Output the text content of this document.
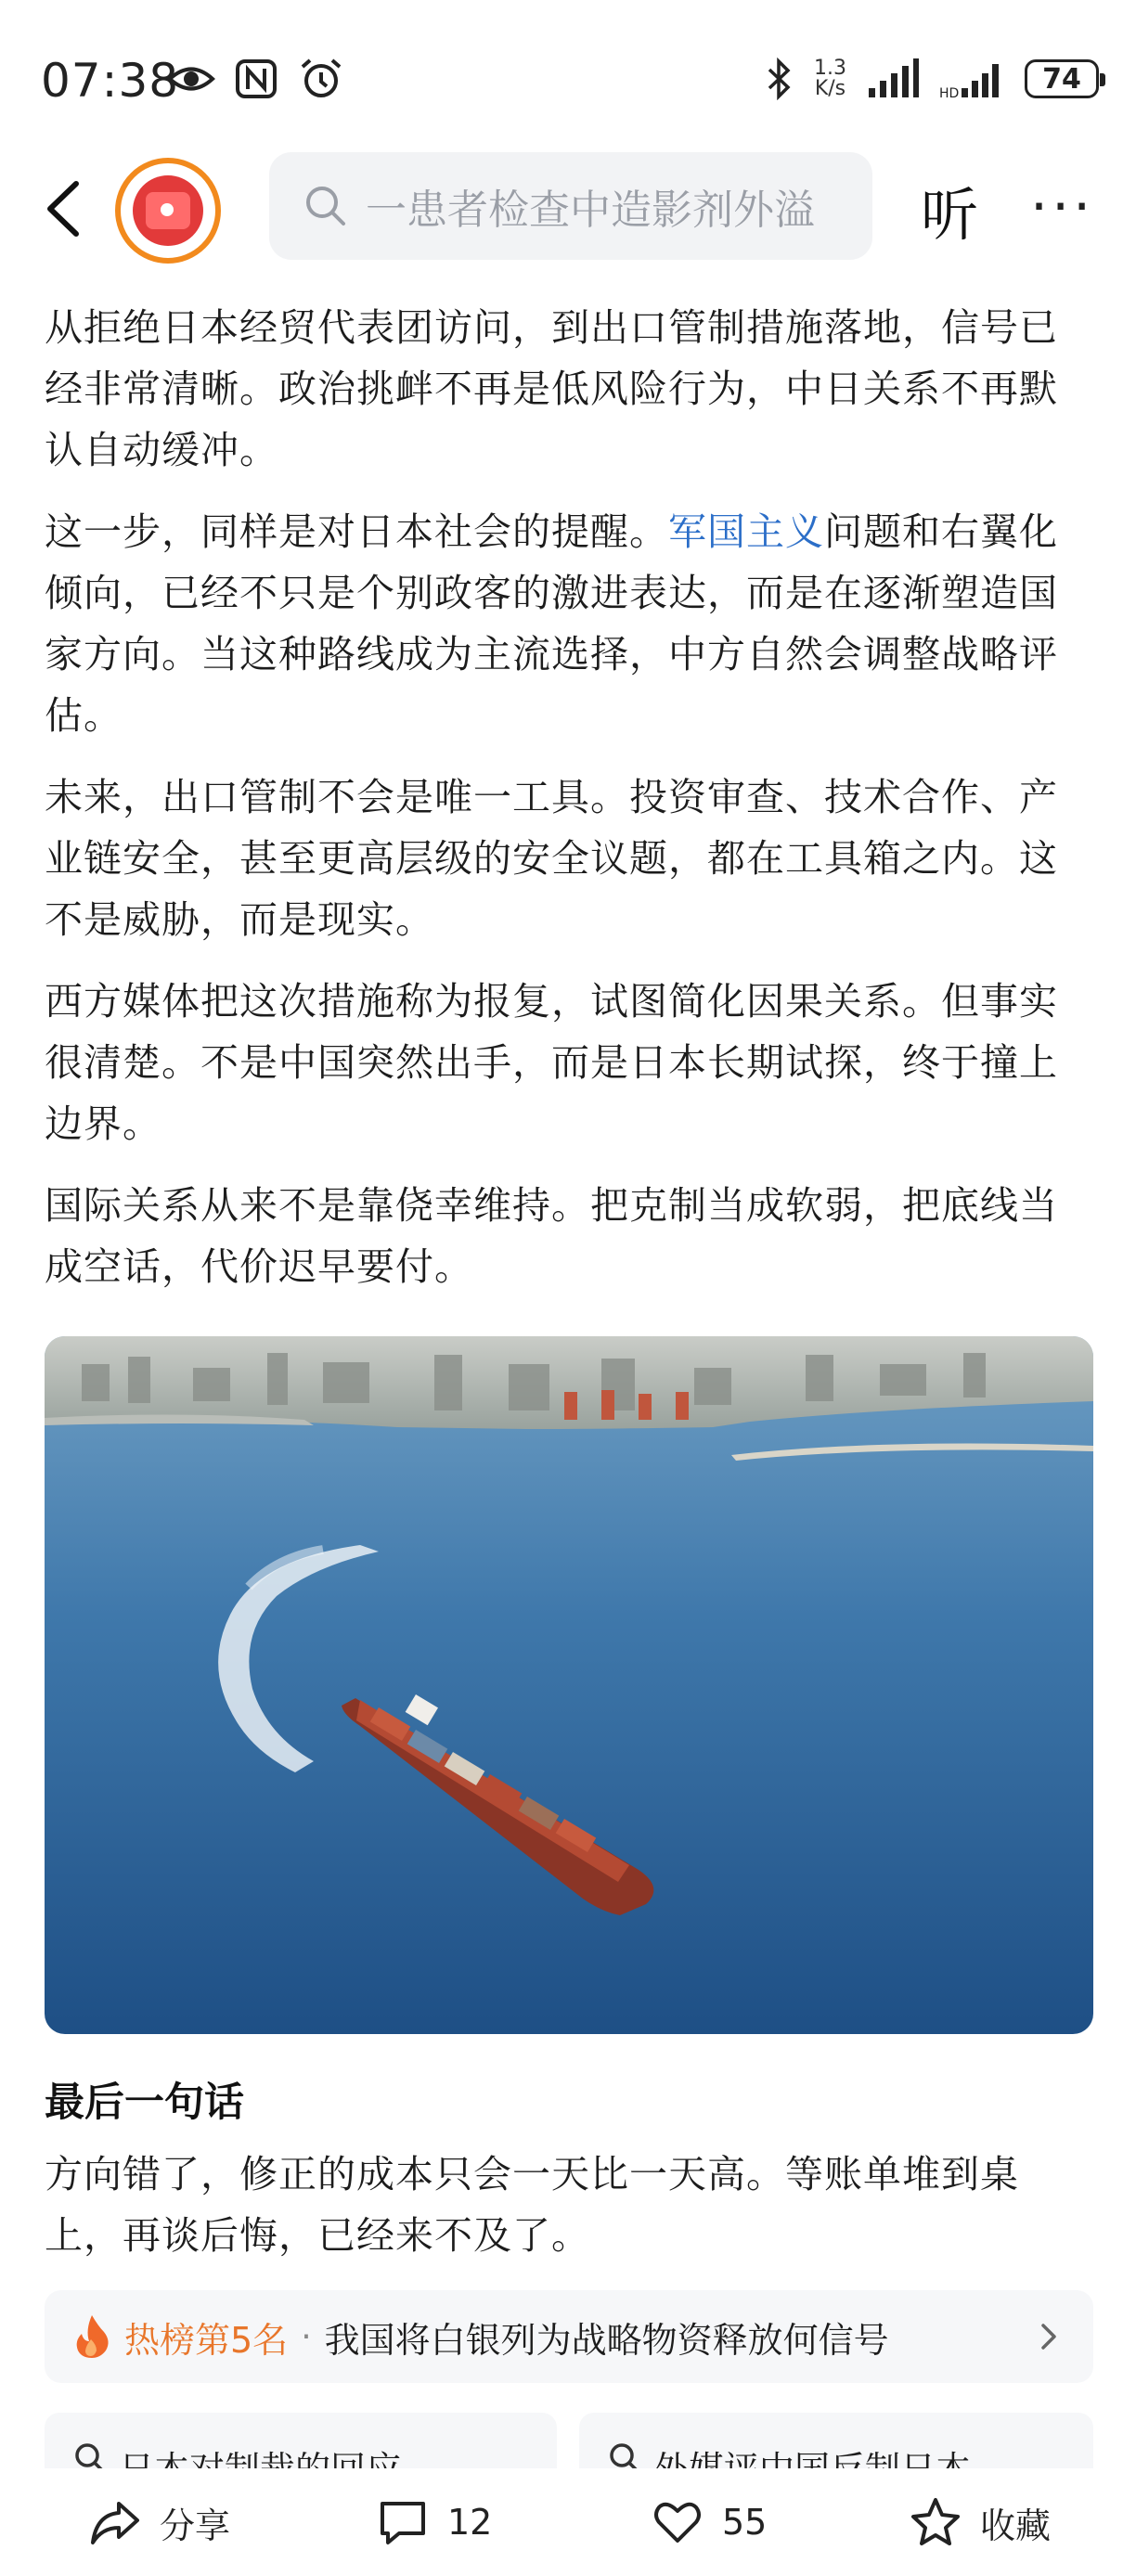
07:38	1.3
K/s	HD	74
一患者检查中造影剂外溢 听 ···

从拒绝日本经贸代表团访问，到出口管制措施落地，信号已经非常清晰。政治挑衅不再是低风险行为，中日关系不再默认自动缓冲。

这一步，同样是对日本社会的提醒。军国主义问题和右翼化倾向，已经不只是个别政客的激进表达，而是在逐渐塑造国家方向。当这种路线成为主流选择，中方自然会调整战略评估。

未来，出口管制不会是唯一工具。投资审查、技术合作、产业链安全，甚至更高层级的安全议题，都在工具箱之内。这不是威胁，而是现实。

西方媒体把这次措施称为报复，试图简化因果关系。但事实很清楚。不是中国突然出手，而是日本长期试探，终于撞上边界。

国际关系从来不是靠侥幸维持。把克制当成软弱，把底线当成空话，代价迟早要付。

最后一句话

方向错了，修正的成本只会一天比一天高。等账单堆到桌上，再谈后悔，已经来不及了。

热榜第5名 · 我国将白银列为战略物资释放何信号
分享	12	55	收藏
